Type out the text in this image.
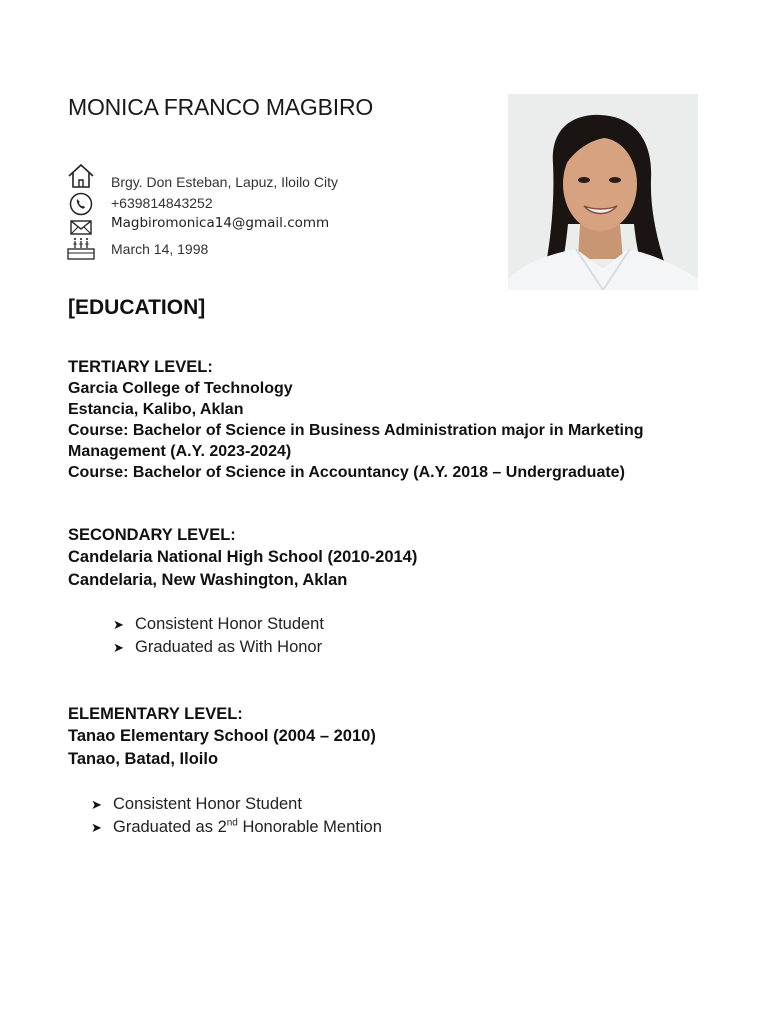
MONICA FRANCO MAGBIRO
Brgy. Don Esteban, Lapuz, Iloilo City
+639814843252
Magbiromonica14@gmail.comm
March 14, 1998
[EDUCATION]
TERTIARY LEVEL:
Garcia College of Technology
Estancia, Kalibo, Aklan
Course: Bachelor of Science in Business Administration major in Marketing Management (A.Y. 2023-2024)
Course: Bachelor of Science in Accountancy (A.Y. 2018 – Undergraduate)
SECONDARY LEVEL:
Candelaria National High School (2010-2014)
Candelaria, New Washington, Aklan
➤ Consistent Honor Student
➤ Graduated as With Honor
ELEMENTARY LEVEL:
Tanao Elementary School (2004 – 2010)
Tanao, Batad, Iloilo
➤ Consistent Honor Student
➤ Graduated as 2nd Honorable Mention
